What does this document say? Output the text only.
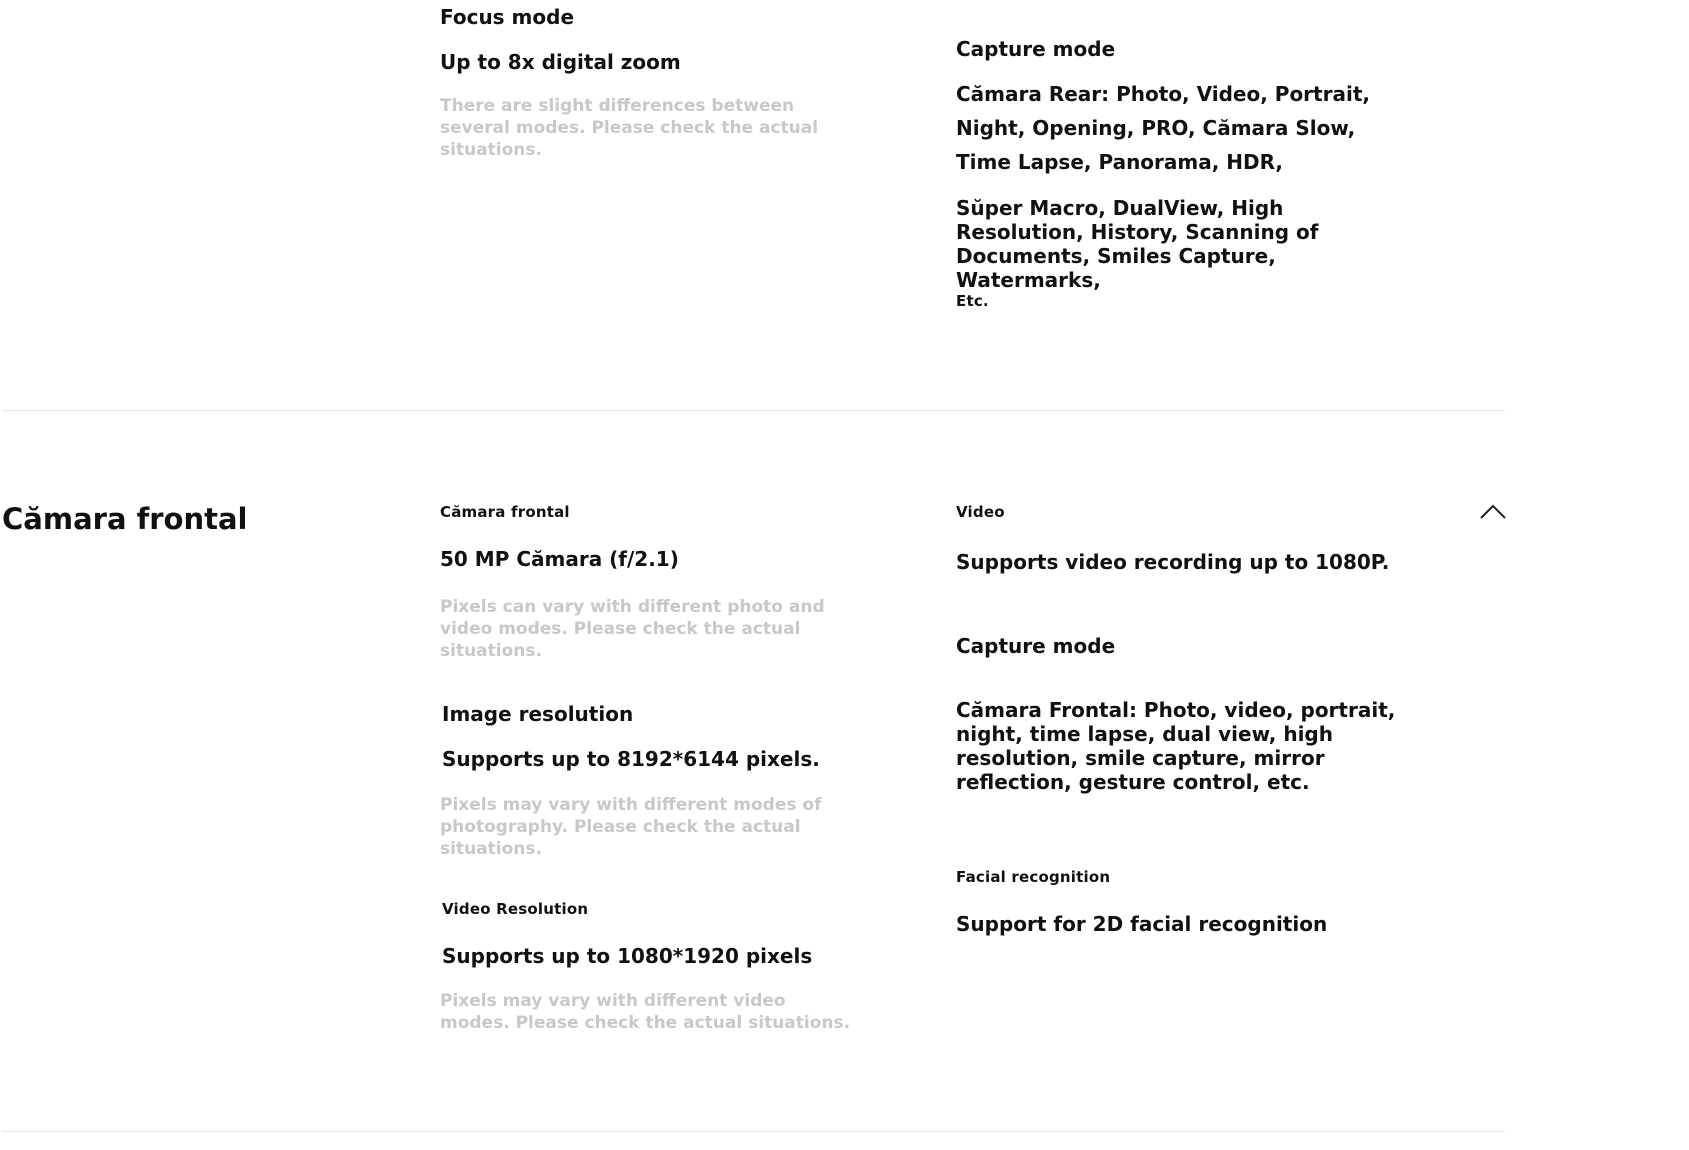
Focus mode

Up to 8x digital zoom

There are slight differences between several modes. Please check the actual situations.

Capture mode

Cămara Rear: Photo, Video, Portrait,

Night, Opening, PRO, Cămara Slow,

Time Lapse, Panorama, HDR,

Sŭper Macro, DualView, High Resolution, History, Scanning of Documents, Smiles Capture, Watermarks,

Etc.

Cămara frontal	Cămara frontal

50 MP Cămara (f/2.1)

Pixels can vary with different photo and video modes. Please check the actual situations.

Image resolution

Supports up to 8192*6144 pixels.

Pixels may vary with different modes of photography. Please check the actual situations.

Video Resolution

Supports up to 1080*1920 pixels

Pixels may vary with different video modes. Please check the actual situations.

Video

Supports video recording up to 1080P.

Capture mode

Cămara Frontal: Photo, video, portrait, night, time lapse, dual view, high resolution, smile capture, mirror reflection, gesture control, etc.

Facial recognition

Support for 2D facial recognition
